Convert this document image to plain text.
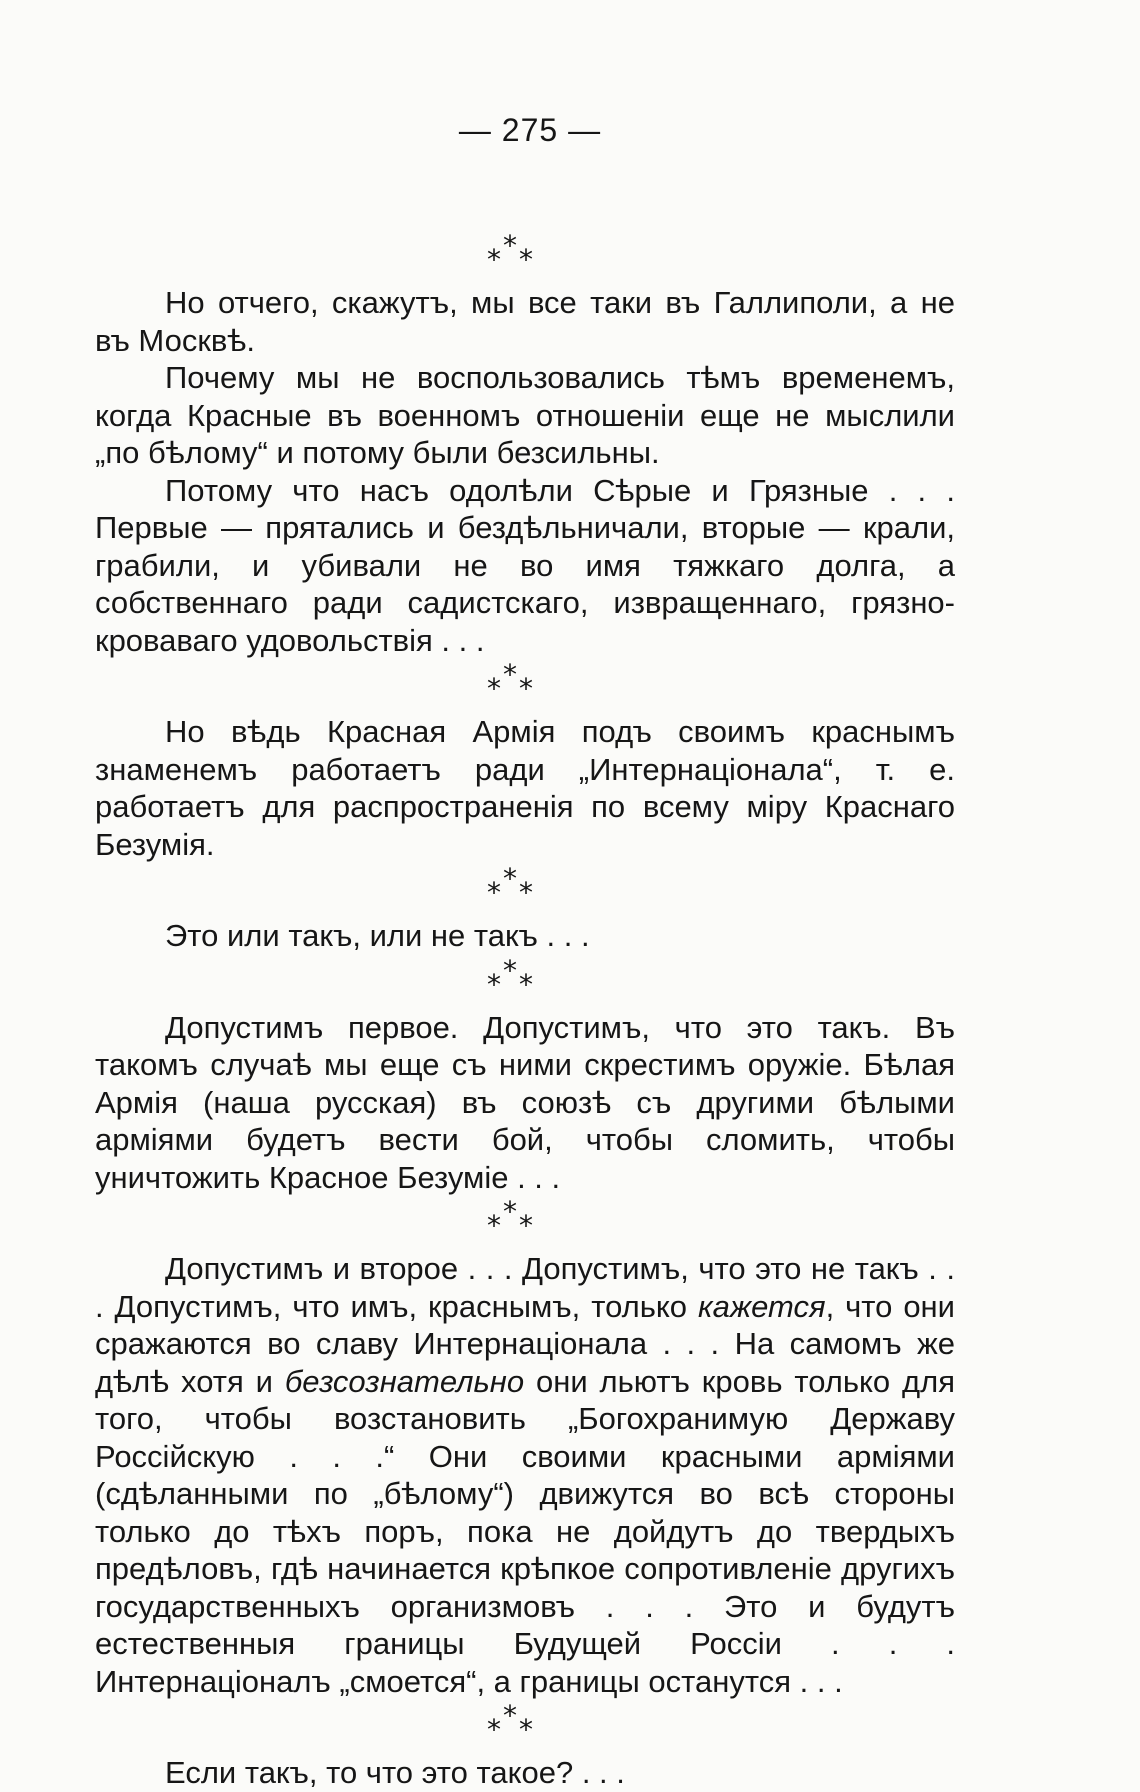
— 275 —
*
* *

Но отчего, скажутъ, мы все таки въ Галлиполи, а не въ Москвѣ.

Почему мы не воспользовались тѣмъ временемъ, когда Красные въ военномъ отношеніи еще не мыслили „по бѣлому“ и потому были безсильны.

Потому что насъ одолѣли Сѣрые и Грязные . . . Первые — прятались и бездѣльничали, вторые — крали, грабили, и убивали не во имя тяжкаго долга, а собственнаго ради садистскаго, извращеннаго, грязно-кроваваго удовольствія . . .

*
* *

Но вѣдь Красная Армія подъ своимъ краснымъ знаменемъ работаетъ ради „Интернаціонала“, т. е. работаетъ для распространенія по всему міру Краснаго Безумія.

*
* *

Это или такъ, или не такъ . . .

*
* *

Допустимъ первое. Допустимъ, что это такъ. Въ такомъ случаѣ мы еще съ ними скрестимъ оружіе. Бѣлая Армія (наша русская) въ союзѣ съ другими бѣлыми арміями будетъ вести бой, чтобы сломить, чтобы уничтожить Красное Безуміе . . .

*
* *

Допустимъ и второе . . . Допустимъ, что это не такъ . . . Допустимъ, что имъ, краснымъ, только кажется, что они сражаются во славу Интернаціонала . . . На самомъ же дѣлѣ хотя и безсознательно они льютъ кровь только для того, чтобы возстановить „Богохранимую Державу Россійскую . . .“ Они своими красными арміями (сдѣланными по „бѣлому“) движутся во всѣ стороны только до тѣхъ поръ, пока не дойдутъ до твердыхъ предѣловъ, гдѣ начинается крѣпкое сопротивленіе другихъ государственныхъ организмовъ . . . Это и будутъ естественныя границы Будущей Россіи . . . Интернаціоналъ „смоется“, а границы останутся . . .

*
* *

Если такъ, то что это такое? . . .
